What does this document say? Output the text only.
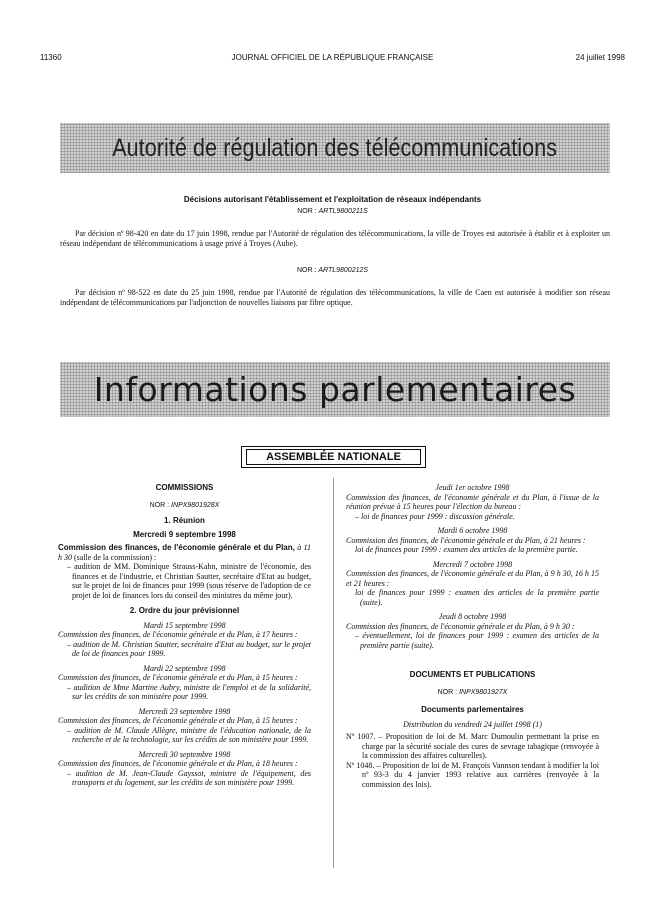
11360	JOURNAL OFFICIEL DE LA RÉPUBLIQUE FRANÇAISE	24 juillet 1998
Autorité de régulation des télécommunications
Décisions autorisant l'établissement et l'exploitation de réseaux indépendants
NOR : ARTL9800211S
Par décision nº 98-420 en date du 17 juin 1998, rendue par l'Autorité de régulation des télécommunications, la ville de Troyes est autorisée à établir et à exploiter un réseau indépendant de télécommunications à usage privé à Troyes (Aube).
NOR : ARTL9800212S
Par décision nº 98-522 en date du 25 juin 1998, rendue par l'Autorité de régulation des télécommunications, la ville de Caen est autorisée à modifier son réseau indépendant de télécommunications par l'adjonction de nouvelles liaisons par fibre optique.
Informations parlementaires
ASSEMBLÉE NATIONALE

COMMISSIONS

NOR : INPX9801928X

1. Réunion

Mercredi 9 septembre 1998

Commission des finances, de l'économie générale et du Plan, à 11 h 30 (salle de la commission) :

– audition de MM. Dominique Strauss-Kahn, ministre de l'économie, des finances et de l'industrie, et Christian Sautter, secrétaire d'Etat au budget, sur le projet de loi de finances pour 1999 (sous réserve de l'adoption de ce projet de loi de finances lors du conseil des ministres du même jour).

2. Ordre du jour prévisionnel

Mardi 15 septembre 1998

Commission des finances, de l'économie générale et du Plan, à 17 heures :

– audition de M. Christian Sautter, secrétaire d'Etat au budget, sur le projet de loi de finances pour 1999.

Mardi 22 septembre 1998

Commission des finances, de l'économie générale et du Plan, à 15 heures :

– audition de Mme Martine Aubry, ministre de l'emploi et de la solidarité, sur les crédits de son ministère pour 1999.

Mercredi 23 septembre 1998

Commission des finances, de l'économie générale et du Plan, à 15 heures :

– audition de M. Claude Allègre, ministre de l'éducation nationale, de la recherche et de la technologie, sur les crédits de son ministère pour 1999.

Mercredi 30 septembre 1998

Commission des finances, de l'économie générale et du Plan, à 18 heures :

– audition de M. Jean-Claude Gayssot, ministre de l'équipement, des transports et du logement, sur les crédits de son ministère pour 1999.

Jeudi 1er octobre 1998

Commission des finances, de l'économie générale et du Plan, à l'issue de la réunion prévue à 15 heures pour l'élection du bureau :

– loi de finances pour 1999 : discussion générale.

Mardi 6 octobre 1998

Commission des finances, de l'économie générale et du Plan, à 21 heures :

loi de finances pour 1999 : examen des articles de la première partie.

Mercredi 7 octobre 1998

Commission des finances, de l'économie générale et du Plan, à 9 h 30, 16 h 15 et 21 heures :

loi de finances pour 1999 : examen des articles de la première partie (suite).

Jeudi 8 octobre 1998

Commission des finances, de l'économie générale et du Plan, à 9 h 30 :

– éventuellement, loi de finances pour 1999 : examen des articles de la première partie (suite).

DOCUMENTS ET PUBLICATIONS

NOR : INPX9801927X

Documents parlementaires

Distribution du vendredi 24 juillet 1998 (1)

Nº 1007. – Proposition de loi de M. Marc Dumoulin permettant la prise en charge par la sécurité sociale des cures de sevrage tabagique (renvoyée à la commission des affaires culturelles).

Nº 1048. – Proposition de loi de M. François Vannson tendant à modifier la loi nº 93-3 du 4 janvier 1993 relative aux carrières (renvoyée à la commission des lois).
